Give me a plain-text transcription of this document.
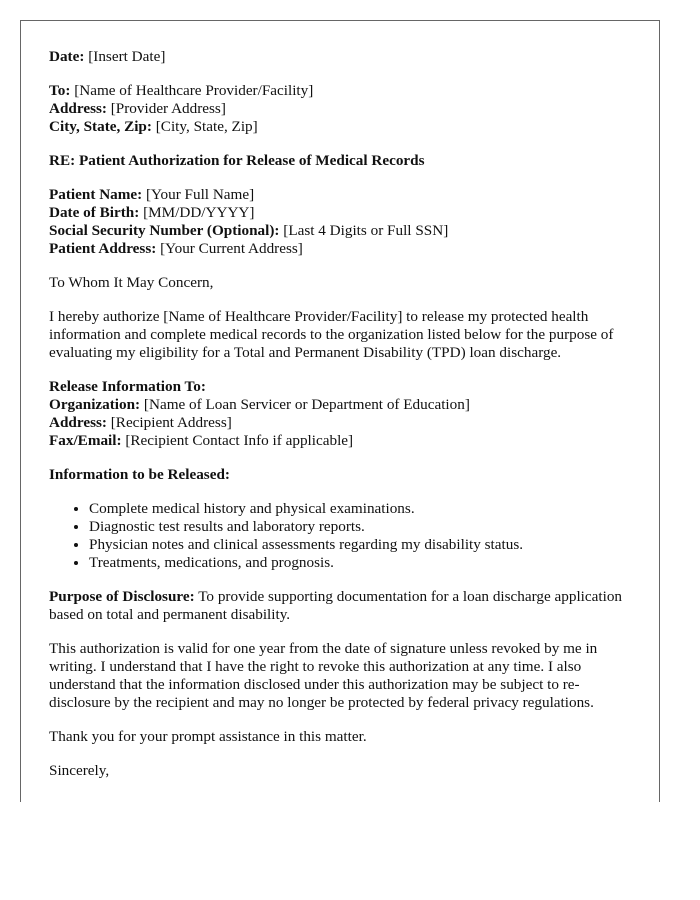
Date: [Insert Date]
To: [Name of Healthcare Provider/Facility]
Address: [Provider Address]
City, State, Zip: [City, State, Zip]
RE: Patient Authorization for Release of Medical Records
Patient Name: [Your Full Name]
Date of Birth: [MM/DD/YYYY]
Social Security Number (Optional): [Last 4 Digits or Full SSN]
Patient Address: [Your Current Address]

To Whom It May Concern,

I hereby authorize [Name of Healthcare Provider/Facility] to release my protected health information and complete medical records to the organization listed below for the purpose of evaluating my eligibility for a Total and Permanent Disability (TPD) loan discharge.

Release Information To:
Organization: [Name of Loan Servicer or Department of Education]
Address: [Recipient Address]
Fax/Email: [Recipient Contact Info if applicable]
Information to be Released:
• Complete medical history and physical examinations.
• Diagnostic test results and laboratory reports.
• Physician notes and clinical assessments regarding my disability status.
• Treatments, medications, and prognosis.

Purpose of Disclosure: To provide supporting documentation for a loan discharge application based on total and permanent disability.

This authorization is valid for one year from the date of signature unless revoked by me in writing. I understand that I have the right to revoke this authorization at any time. I also understand that the information disclosed under this authorization may be subject to re-disclosure by the recipient and may no longer be protected by federal privacy regulations.

Thank you for your prompt assistance in this matter.

Sincerely,
